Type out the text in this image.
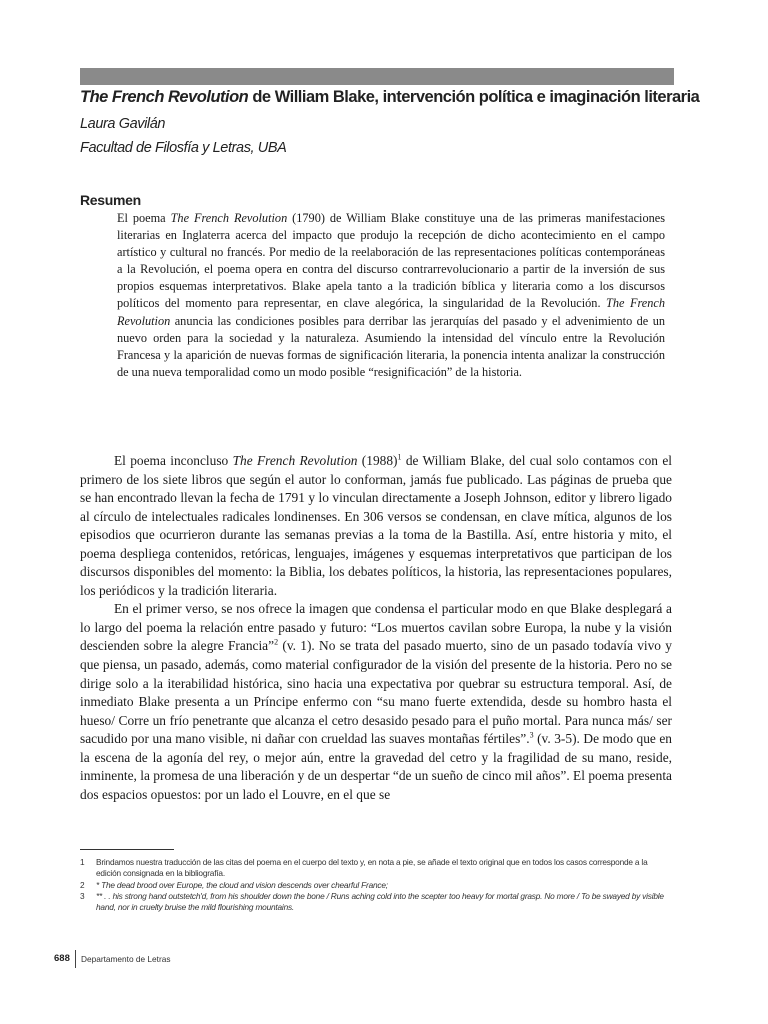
The French Revolution de William Blake, intervención política e imaginación literaria
Laura Gavilán
Facultad de Filosfía y Letras, UBA
Resumen

El poema The French Revolution (1790) de William Blake constituye una de las primeras manifestaciones literarias en Inglaterra acerca del impacto que produjo la recepción de dicho acontecimiento en el campo artístico y cultural no francés. Por medio de la reelaboración de las representaciones políticas contemporáneas a la Revolución, el poema opera en contra del discurso contrarrevolucionario a partir de la inversión de sus propios esquemas interpretativos. Blake apela tanto a la tradición bíblica y literaria como a los discursos políticos del momento para representar, en clave alegórica, la singularidad de la Revolución. The French Revolution anuncia las condiciones posibles para derribar las jerarquías del pasado y el advenimiento de un nuevo orden para la sociedad y la naturaleza. Asumiendo la intensidad del vínculo entre la Revolución Francesa y la aparición de nuevas formas de significación literaria, la ponencia intenta analizar la construcción de una nueva temporalidad como un modo posible “resignificación” de la historia.

El poema inconcluso The French Revolution $(1988)^1$ de William Blake, del cual solo contamos con el primero de los siete libros que según el autor lo conforman, jamás fue publicado. Las páginas de prueba que se han encontrado llevan la fecha de 1791 y lo vinculan directamente a Joseph Johnson, editor y librero ligado al círculo de intelectuales radicales londinenses. En 306 versos se condensan, en clave mítica, algunos de los episodios que ocurrieron durante las semanas previas a la toma de la Bastilla. Así, entre historia y mito, el poema despliega contenidos, retóricas, lenguajes, imágenes y esquemas interpretativos que participan de los discursos disponibles del momento: la Biblia, los debates políticos, la historia, las representaciones populares, los periódicos y la tradición literaria.

En el primer verso, se nos ofrece la imagen que condensa el particular modo en que Blake desplegará a lo largo del poema la relación entre pasado y futuro: “Los muertos cavilan sobre Europa, la nube y la visión descienden sobre la alegre Francia”$^2$ (v. 1). No se trata del pasado muerto, sino de un pasado todavía vivo y que piensa, un pasado, además, como material configurador de la visión del presente de la historia. Pero no se dirige solo a la iterabilidad histórica, sino hacia una expectativa por quebrar su estructura temporal. Así, de inmediato Blake presenta a un Príncipe enfermo con “su mano fuerte extendida, desde su hombro hasta el hueso/ Corre un frío penetrante que alcanza el cetro desasido pesado para el puño mortal. Para nunca más/ ser sacudido por una mano visible, ni dañar con crueldad las suaves montañas fértiles”.$^3$ (v. 3-5). De modo que en la escena de la agonía del rey, o mejor aún, entre la gravedad del cetro y la fragilidad de su mano, reside, inminente, la promesa de una liberación y de un despertar “de un sueño de cinco mil años”. El poema presenta dos espacios opuestos: por un lado el Louvre, en el que se

1	Brindamos nuestra traducción de las citas del poema en el cuerpo del texto y, en nota a pie, se añade el texto original que en todos los casos corresponde a la edición consignada en la bibliografía.
2	* The dead brood over Europe, the cloud and vision descends over chearful France;
3	** . . his strong hand outstetch'd, from his shoulder down the bone / Runs aching cold into the scepter too heavy for mortal grasp. No more / To be swayed by visible hand, nor in cruelty bruise the mild flourishing mountains.
688 Departamento de Letras
